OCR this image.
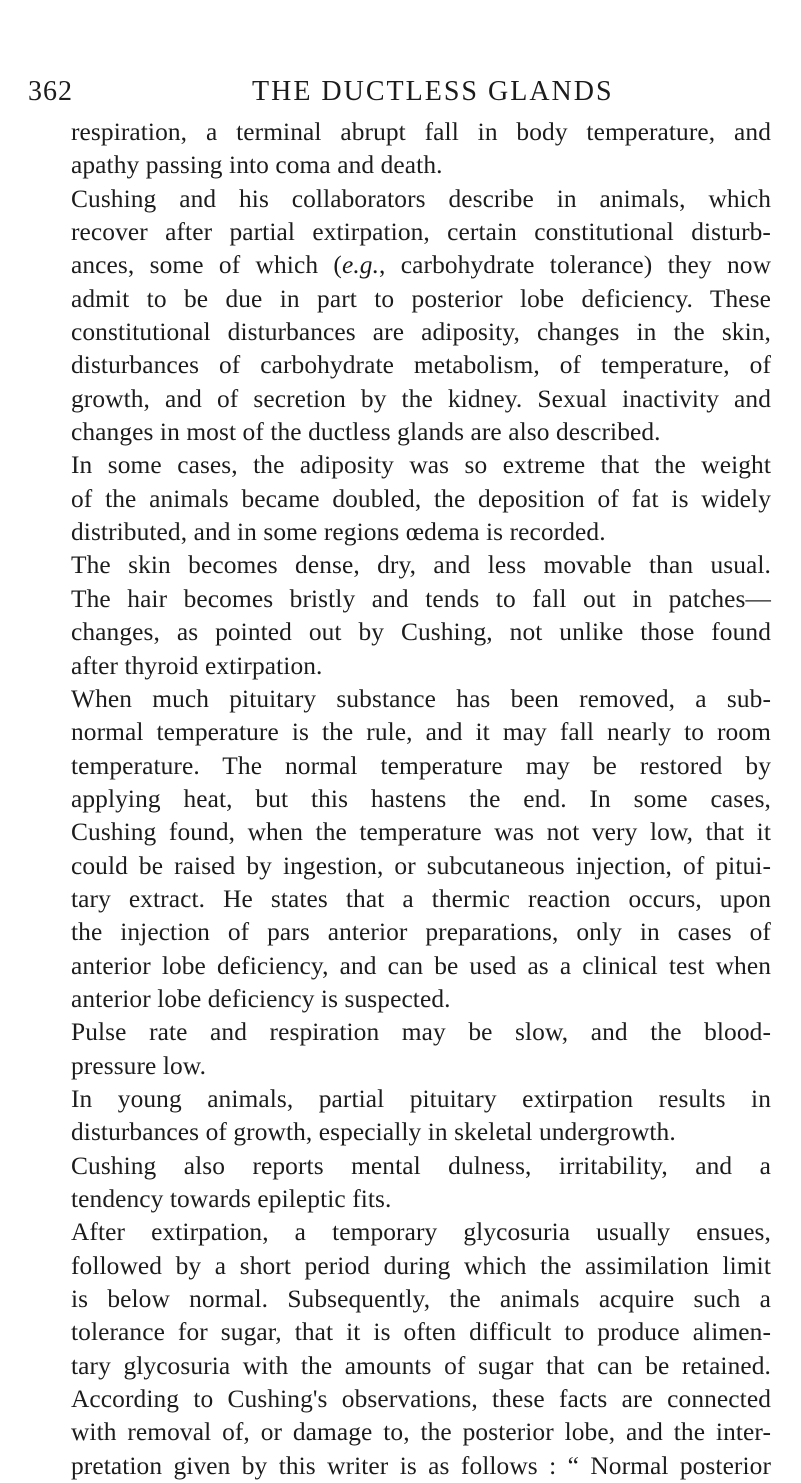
362	THE DUCTLESS GLANDS
respiration, a terminal abrupt fall in body temperature, and
apathy passing into coma and death.
Cushing and his collaborators describe in animals, which
recover after partial extirpation, certain constitutional disturb-
ances, some of which (e.g., carbohydrate tolerance) they now
admit to be due in part to posterior lobe deficiency. These
constitutional disturbances are adiposity, changes in the skin,
disturbances of carbohydrate metabolism, of temperature, of
growth, and of secretion by the kidney. Sexual inactivity and
changes in most of the ductless glands are also described.
In some cases, the adiposity was so extreme that the weight
of the animals became doubled, the deposition of fat is widely
distributed, and in some regions œdema is recorded.
The skin becomes dense, dry, and less movable than usual.
The hair becomes bristly and tends to fall out in patches—
changes, as pointed out by Cushing, not unlike those found
after thyroid extirpation.
When much pituitary substance has been removed, a sub-
normal temperature is the rule, and it may fall nearly to room
temperature. The normal temperature may be restored by
applying heat, but this hastens the end. In some cases,
Cushing found, when the temperature was not very low, that it
could be raised by ingestion, or subcutaneous injection, of pitui-
tary extract. He states that a thermic reaction occurs, upon
the injection of pars anterior preparations, only in cases of
anterior lobe deficiency, and can be used as a clinical test when
anterior lobe deficiency is suspected.
Pulse rate and respiration may be slow, and the blood-
pressure low.
In young animals, partial pituitary extirpation results in
disturbances of growth, especially in skeletal undergrowth.
Cushing also reports mental dulness, irritability, and a
tendency towards epileptic fits.
After extirpation, a temporary glycosuria usually ensues,
followed by a short period during which the assimilation limit
is below normal. Subsequently, the animals acquire such a
tolerance for sugar, that it is often difficult to produce alimen-
tary glycosuria with the amounts of sugar that can be retained.
According to Cushing's observations, these facts are connected
with removal of, or damage to, the posterior lobe, and the inter-
pretation given by this writer is as follows : “ Normal posterior
